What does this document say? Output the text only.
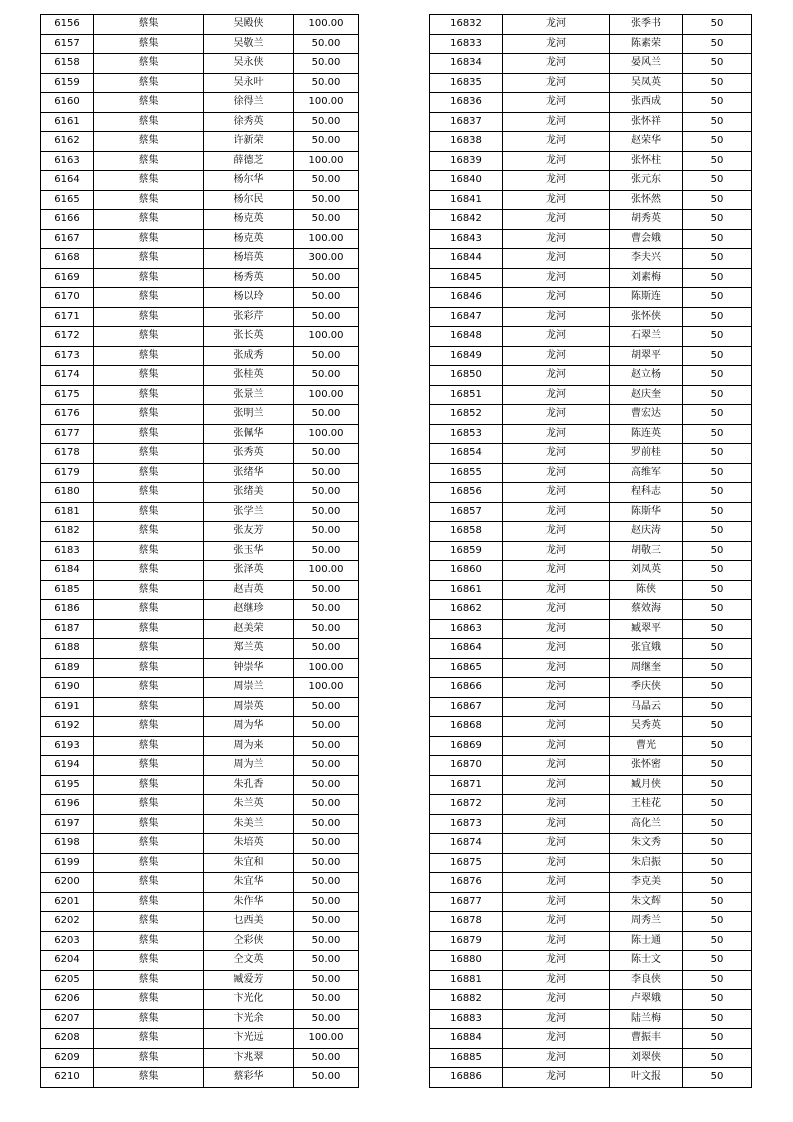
6156	蔡集	吴殿侠	100.00
6157	蔡集	吴敬兰	50.00
6158	蔡集	吴永侠	50.00
6159	蔡集	吴永叶	50.00
6160	蔡集	徐得兰	100.00
6161	蔡集	徐秀英	50.00
6162	蔡集	许新荣	50.00
6163	蔡集	薛德芝	100.00
6164	蔡集	杨尔华	50.00
6165	蔡集	杨尔民	50.00
6166	蔡集	杨克英	50.00
6167	蔡集	杨克英	100.00
6168	蔡集	杨培英	300.00
6169	蔡集	杨秀英	50.00
6170	蔡集	杨以玲	50.00
6171	蔡集	张彩芹	50.00
6172	蔡集	张长英	100.00
6173	蔡集	张成秀	50.00
6174	蔡集	张桂英	50.00
6175	蔡集	张景兰	100.00
6176	蔡集	张明兰	50.00
6177	蔡集	张佩华	100.00
6178	蔡集	张秀英	50.00
6179	蔡集	张绪华	50.00
6180	蔡集	张绪美	50.00
6181	蔡集	张学兰	50.00
6182	蔡集	张友芳	50.00
6183	蔡集	张玉华	50.00
6184	蔡集	张泽英	100.00
6185	蔡集	赵吉英	50.00
6186	蔡集	赵继珍	50.00
6187	蔡集	赵美荣	50.00
6188	蔡集	郑兰英	50.00
6189	蔡集	钟崇华	100.00
6190	蔡集	周崇兰	100.00
6191	蔡集	周崇英	50.00
6192	蔡集	周为华	50.00
6193	蔡集	周为来	50.00
6194	蔡集	周为兰	50.00
6195	蔡集	朱孔香	50.00
6196	蔡集	朱兰英	50.00
6197	蔡集	朱美兰	50.00
6198	蔡集	朱培英	50.00
6199	蔡集	朱宜和	50.00
6200	蔡集	朱宜华	50.00
6201	蔡集	朱作华	50.00
6202	蔡集	乜西美	50.00
6203	蔡集	仝彩侠	50.00
6204	蔡集	仝文英	50.00
6205	蔡集	臧爱芳	50.00
6206	蔡集	卞光化	50.00
6207	蔡集	卞光余	50.00
6208	蔡集	卞光远	100.00
6209	蔡集	卞兆翠	50.00
6210	蔡集	蔡彩华	50.00
16832	龙河	张季书	50
16833	龙河	陈素荣	50
16834	龙河	晏风兰	50
16835	龙河	吴凤英	50
16836	龙河	张西成	50
16837	龙河	张怀祥	50
16838	龙河	赵荣华	50
16839	龙河	张怀柱	50
16840	龙河	张元东	50
16841	龙河	张怀然	50
16842	龙河	胡秀英	50
16843	龙河	曹会娥	50
16844	龙河	李夫兴	50
16845	龙河	刘素梅	50
16846	龙河	陈斯连	50
16847	龙河	张怀侠	50
16848	龙河	石翠兰	50
16849	龙河	胡翠平	50
16850	龙河	赵立杨	50
16851	龙河	赵庆奎	50
16852	龙河	曹宏达	50
16853	龙河	陈连英	50
16854	龙河	罗前桂	50
16855	龙河	高维军	50
16856	龙河	程科志	50
16857	龙河	陈斯华	50
16858	龙河	赵庆涛	50
16859	龙河	胡敬三	50
16860	龙河	刘凤英	50
16861	龙河	陈侠	50
16862	龙河	蔡效海	50
16863	龙河	臧翠平	50
16864	龙河	张宜娥	50
16865	龙河	周继奎	50
16866	龙河	季庆侠	50
16867	龙河	马晶云	50
16868	龙河	吴秀英	50
16869	龙河	曹光	50
16870	龙河	张怀密	50
16871	龙河	臧月侠	50
16872	龙河	王桂花	50
16873	龙河	高化兰	50
16874	龙河	朱文秀	50
16875	龙河	朱启振	50
16876	龙河	李克美	50
16877	龙河	朱文辉	50
16878	龙河	周秀兰	50
16879	龙河	陈士通	50
16880	龙河	陈士文	50
16881	龙河	李良侠	50
16882	龙河	卢翠娥	50
16883	龙河	陆兰梅	50
16884	龙河	曹振丰	50
16885	龙河	刘翠侠	50
16886	龙河	叶文报	50
